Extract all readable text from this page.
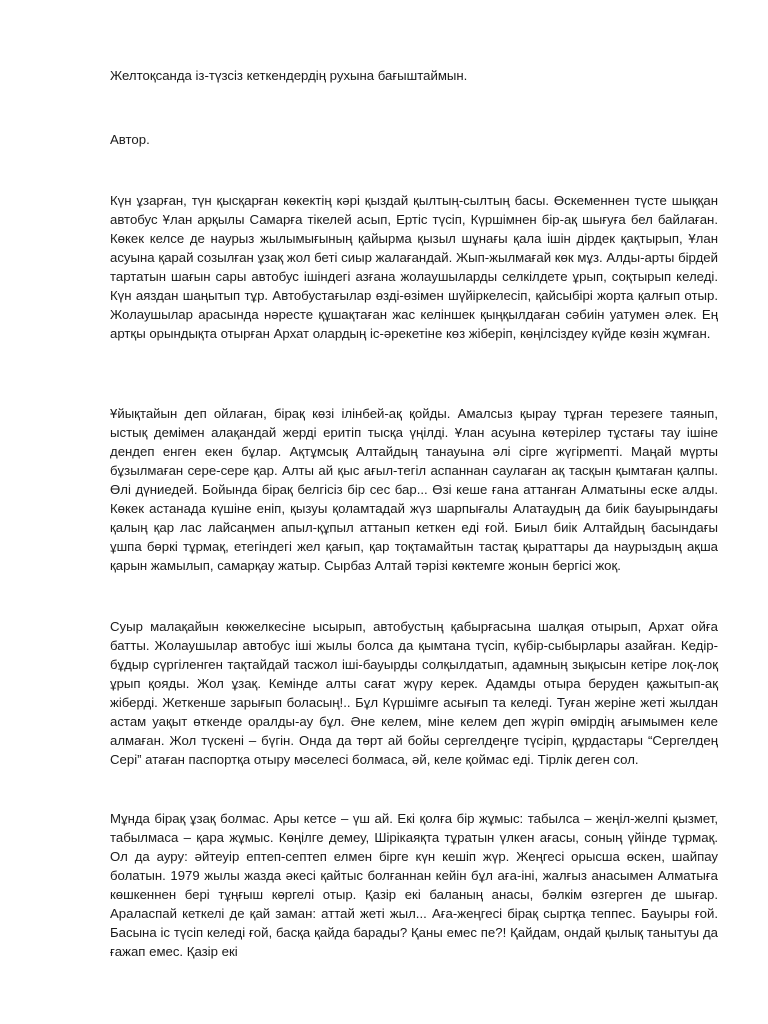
Желтоқсанда із-түзсіз кеткендердің рухына бағыштаймын.

Автор.

Күн ұзарған, түн қысқарған көкектің кәрі қыздай қылтың-сылтың басы. Өскеменнен түсте шыққан автобус Ұлан арқылы Самарға тікелей асып, Ертіс түсіп, Күршімнен бір-ақ шығуға бел байлаған. Көкек келсе де наурыз жылымығының қайырма қызыл шұнағы қала ішін дірдек қақтырып, Ұлан асуына қарай созылған ұзақ жол беті сиыр жалағандай. Жып-жылмағай көк мұз. Алды-арты бірдей тартатын шағын сары автобус ішіндегі азғана жолаушыларды селкілдете ұрып, соқтырып келеді. Күн аяздан шаңытып тұр. Автобустағылар өзді-өзімен шүйіркелесіп, қайсыбірі жорта қалғып отыр. Жолаушылар арасында нәресте құшақтаған жас келіншек қыңқылдаған сәбиін уатумен әлек. Ең артқы орындықта отырған Архат олардың іс-әрекетіне көз жіберіп, көңілсіздеу күйде көзін жұмған.

Ұйықтайын деп ойлаған, бірақ көзі ілінбей-ақ қойды. Амалсыз қырау тұрған терезеге таянып, ыстық демімен алақандай жерді еритіп тысқа үңілді. Ұлан асуына көтерілер тұстағы тау ішіне дендеп енген екен бұлар. Ақтұмсық Алтайдың танауына әлі сірге жүгірмепті. Маңай мүрты бұзылмаған сере-сере қар. Алты ай қыс ағыл-тегіл аспаннан саулаған ақ тасқын қымтаған қалпы. Өлі дүниедей. Бойында бірақ белгісіз бір сес бар... Өзі кеше ғана аттанған Алматыны еске алды. Көкек астанада күшіне еніп, қызуы қоламтадай жүз шарпығалы Алатаудың да биік бауырындағы қалың қар лас лайсаңмен апыл-құпыл аттанып кеткен еді ғой. Биыл биік Алтайдың басындағы ұшпа бөркі тұрмақ, етегіндегі жел қағып, қар тоқтамайтын тастақ қыраттары да наурыздың ақша қарын жамылып, самарқау жатыр. Сырбаз Алтай тәрізі көктемге жонын бергісі жоқ.

Суыр малақайын көкжелкесіне ысырып, автобустың қабырғасына шалқая отырып, Архат ойға батты. Жолаушылар автобус іші жылы болса да қымтана түсіп, күбір-сыбырлары азайған. Кедір-бұдыр сүргіленген тақтайдай тасжол іші-бауырды солқылдатып, адамның зықысын кетіре лоқ-лоқ ұрып қояды. Жол ұзақ. Кемінде алты сағат жүру керек. Адамды отыра беруден қажытып-ақ жіберді. Жеткенше зарығып боласың!.. Бұл Күршімге асығып та келеді. Туған жеріне жеті жылдан астам уақыт өткенде оралды-ау бұл. Әне келем, міне келем деп жүріп өмірдің ағымымен келе алмаған. Жол түскені – бүгін. Онда да төрт ай бойы сергелдеңге түсіріп, құрдастары “Сергелдең Сері” атаған паспортқа отыру мәселесі болмаса, әй, келе қоймас еді. Тірлік деген сол.

Мұнда бірақ ұзақ болмас. Ары кетсе – үш ай. Екі қолға бір жұмыс: табылса – жеңіл-желпі қызмет, табылмаса – қара жұмыс. Көңілге демеу, Шірікаяқта тұратын үлкен ағасы, соның үйінде тұрмақ. Ол да ауру: әйтеуір ептеп-септеп елмен бірге күн кешіп жүр. Жеңгесі орысша өскен, шайпау болатын. 1979 жылы жазда әкесі қайтыс болғаннан кейін бұл аға-іні, жалғыз анасымен Алматыға көшкеннен бері тұңғыш көргелі отыр. Қазір екі баланың анасы, бәлкім өзгерген де шығар. Араласпай кеткелі де қай заман: аттай жеті жыл... Аға-жеңгесі бірақ сыртқа теппес. Бауыры ғой. Басына іс түсіп келеді ғой, басқа қайда барады? Қаны емес пе?! Қайдам, ондай қылық танытуы да ғажап емес. Қазір екі
